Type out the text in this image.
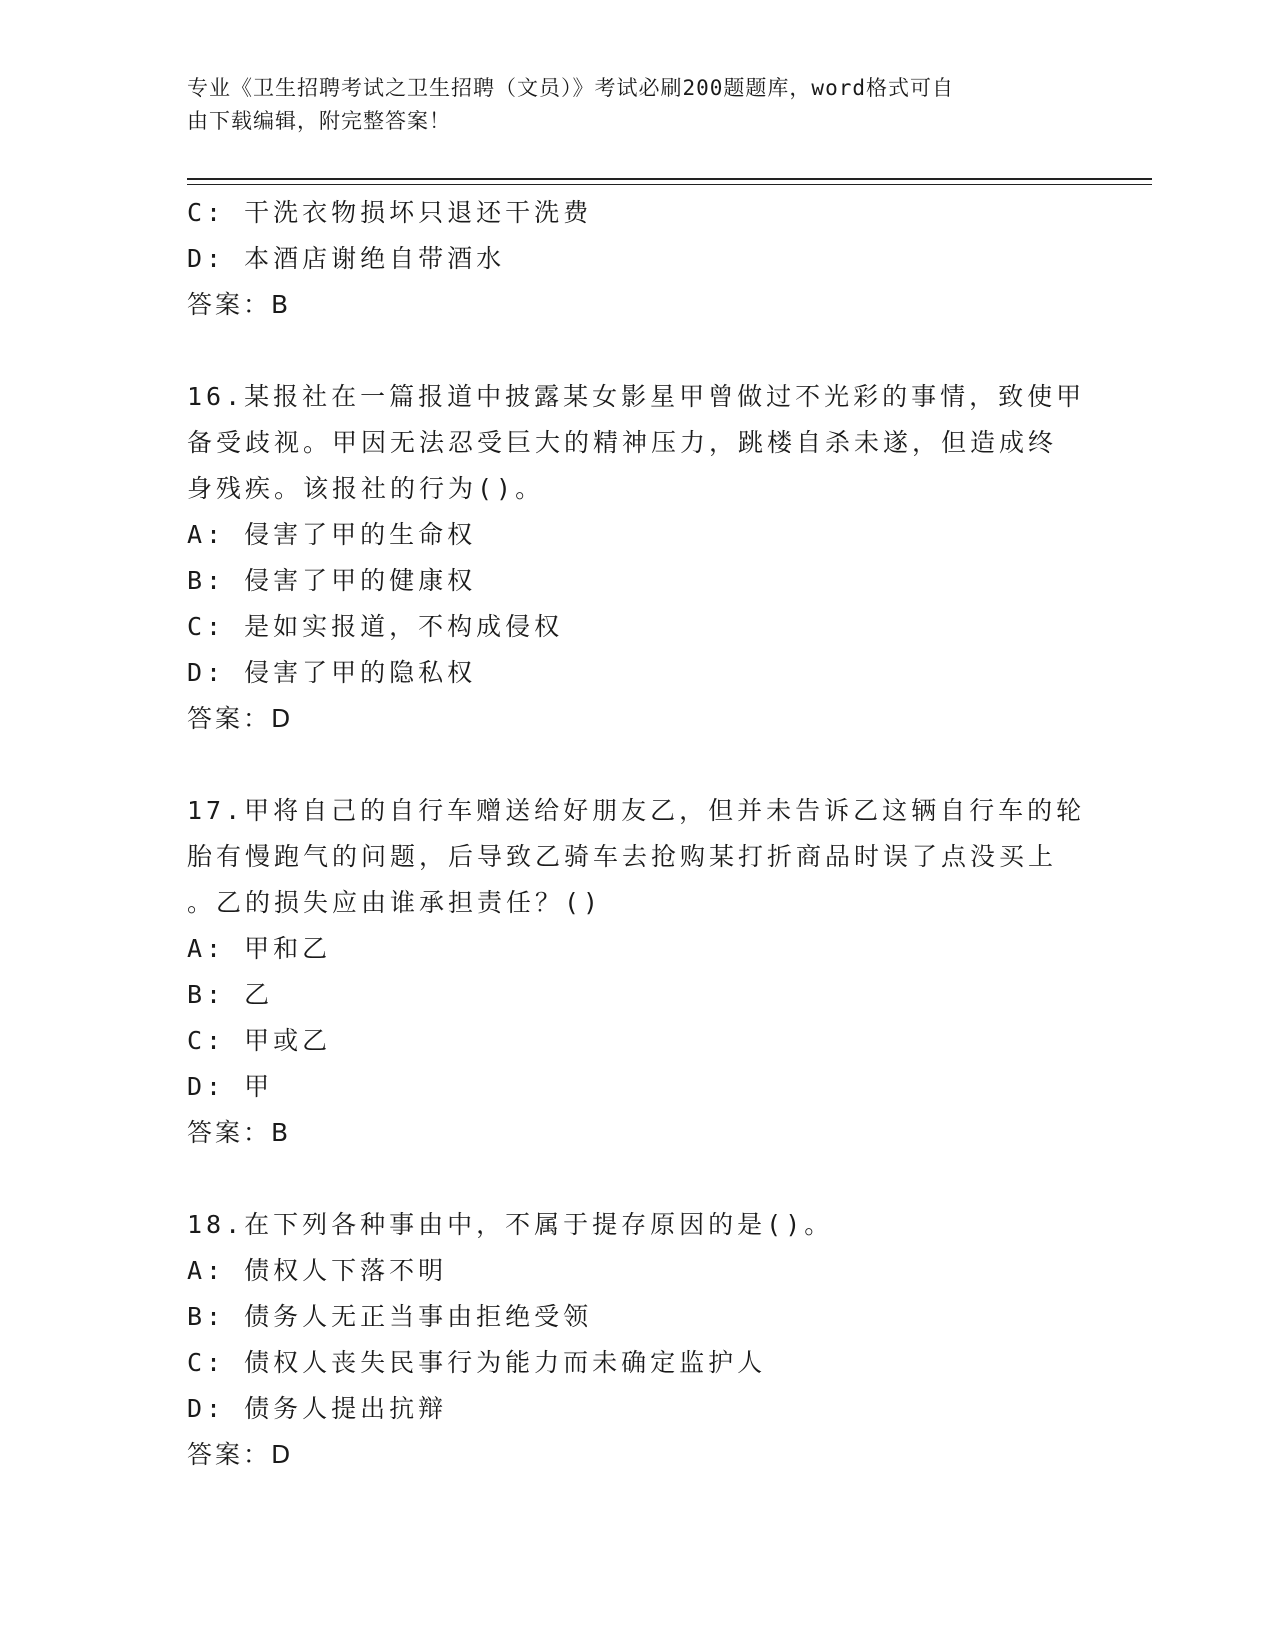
专业《卫生招聘考试之卫生招聘（文员）》考试必刷200题题库，word格式可自
由下载编辑，附完整答案！
C: 干洗衣物损坏只退还干洗费
D: 本酒店谢绝自带酒水
答案：B
16.某报社在一篇报道中披露某女影星甲曾做过不光彩的事情，致使甲
备受歧视。甲因无法忍受巨大的精神压力，跳楼自杀未遂，但造成终
身残疾。该报社的行为()。
A: 侵害了甲的生命权
B: 侵害了甲的健康权
C: 是如实报道，不构成侵权
D: 侵害了甲的隐私权
答案：D
17.甲将自己的自行车赠送给好朋友乙，但并未告诉乙这辆自行车的轮
胎有慢跑气的问题，后导致乙骑车去抢购某打折商品时误了点没买上
。乙的损失应由谁承担责任？()
A: 甲和乙
B: 乙
C: 甲或乙
D: 甲
答案：B
18.在下列各种事由中，不属于提存原因的是()。
A: 债权人下落不明
B: 债务人无正当事由拒绝受领
C: 债权人丧失民事行为能力而未确定监护人
D: 债务人提出抗辩
答案：D
